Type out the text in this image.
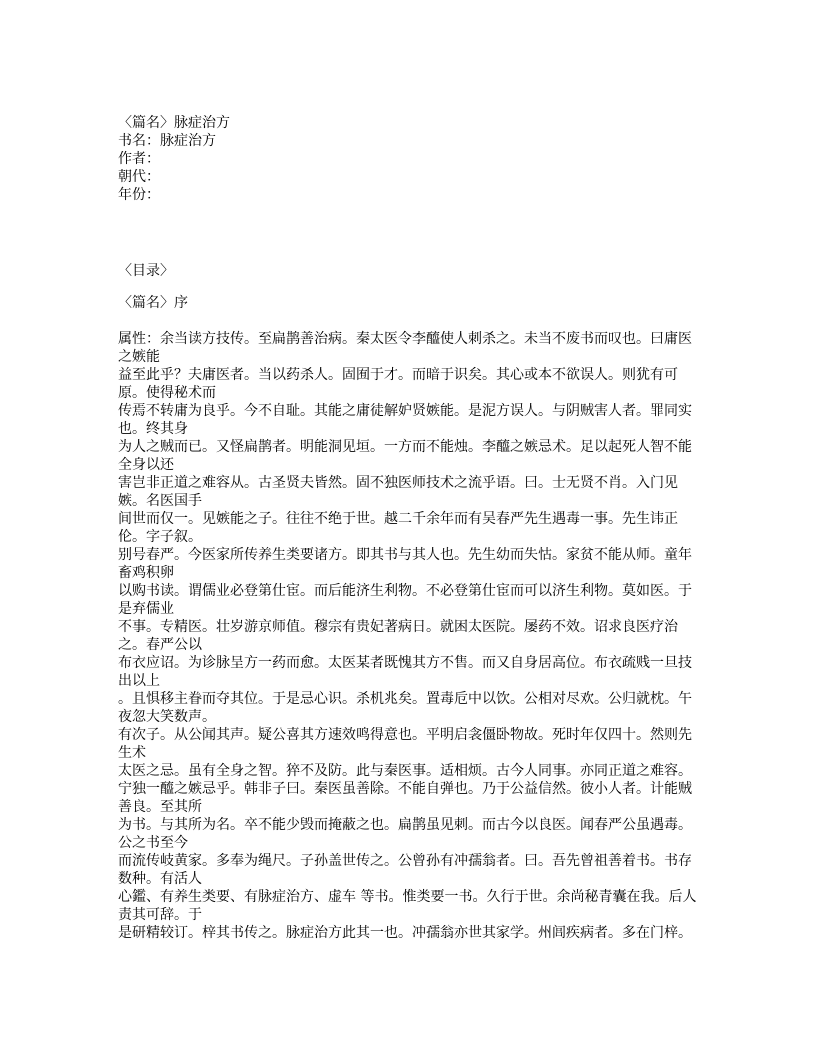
〈篇名〉脉症治方
书名：脉症治方
作者：
朝代：
年份：
〈目录〉
〈篇名〉序
属性：余当读方技传。至扁鹊善治病。秦太医令李醯使人刺杀之。未当不废书而叹也。曰庸医之嫉能
益至此乎？夫庸医者。当以药杀人。固囿于才。而暗于识矣。其心或本不欲误人。则犹有可原。使得秘术而
传焉不转庸为良乎。今不自耻。其能之庸徒解妒贤嫉能。是泥方误人。与阴贼害人者。罪同实也。终其身
为人之贼而已。又怪扁鹊者。明能洞见垣。一方而不能烛。李醯之嫉忌术。足以起死人智不能全身以还
害岂非正道之难容从。古圣贤夫皆然。固不独医师技术之流乎语。曰。士无贤不肖。入门见嫉。名医国手
间世而仅一。见嫉能之子。往往不绝于世。越二千余年而有吴春严先生遇毒一事。先生讳正伦。字子叙。
别号春严。今医家所传养生类要诸方。即其书与其人也。先生幼而失怙。家贫不能从师。童年畜鸡积卵
以购书读。谓儒业必登第仕宦。而后能济生利物。不必登第仕宦而可以济生利物。莫如医。于是弃儒业
不事。专精医。壮岁游京师值。穆宗有贵妃著病日。就困太医院。屡药不效。诏求良医疗治之。春严公以
布衣应诏。为诊脉呈方一药而愈。太医某者既愧其方不售。而又自身居高位。布衣疏贱一旦技出以上
。且惧移主眷而夺其位。于是忌心识。杀机兆矣。置毒卮中以饮。公相对尽欢。公归就枕。午夜忽大笑数声。
有次子。从公闻其声。疑公喜其方速效鸣得意也。平明启衾僵卧物故。死时年仅四十。然则先生术
太医之忌。虽有全身之智。猝不及防。此与秦医事。适相烦。古今人同事。亦同正道之难容。
宁独一醯之嫉忌乎。韩非子曰。秦医虽善除。不能自弹也。乃于公益信然。彼小人者。计能贼善良。至其所
为书。与其所为名。卒不能少毁而掩蔽之也。扁鹊虽见刺。而古今以良医。闻春严公虽遇毒。公之书至今
而流传岐黄家。多奉为绳尺。子孙盖世传之。公曾孙有冲孺翁者。曰。吾先曾祖善着书。书存数种。有活人
心鑑、有养生类要、有脉症治方、虚车 等书。惟类要一书。久行于世。余尚秘青囊在我。后人责其可辞。于
是研精较订。梓其书传之。脉症治方此其一也。冲孺翁亦世其家学。州闾疾病者。多在门梓。
